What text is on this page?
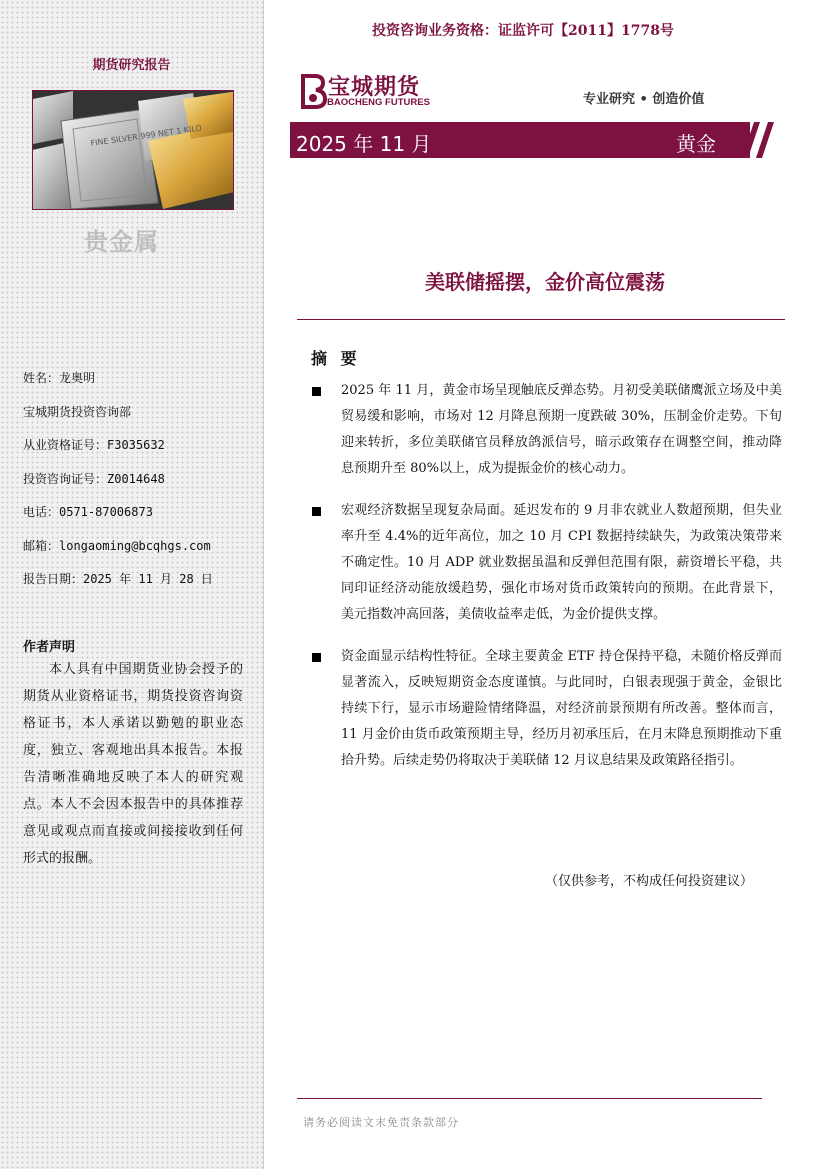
期货研究报告
FINE SILVER 999 NET 1 KILO
贵金属
姓名：龙奥明
宝城期货投资咨询部
从业资格证号：F3035632
投资咨询证号：Z0014648
电话：0571-87006873
邮箱：longaoming@bcqhgs.com
报告日期：2025 年 11 月 28 日
作者声明
本人具有中国期货业协会授予的期货从业资格证书，期货投资咨询资格证书，本人承诺以勤勉的职业态度，独立、客观地出具本报告。本报告清晰准确地反映了本人的研究观点。本人不会因本报告中的具体推荐意见或观点而直接或间接接收到任何形式的报酬。
投资咨询业务资格：证监许可【2011】1778号
宝城期货
BAOCHENG FUTURES	专业研究 • 创造价值
2025 年 11 月	黄金
美联储摇摆，金价高位震荡
摘 要
2025 年 11 月，黄金市场呈现触底反弹态势。月初受美联储鹰派立场及中美贸易缓和影响，市场对 12 月降息预期一度跌破 30%，压制金价走势。下旬迎来转折，多位美联储官员释放鸽派信号，暗示政策存在调整空间，推动降息预期升至 80%以上，成为提振金价的核心动力。
宏观经济数据呈现复杂局面。延迟发布的 9 月非农就业人数超预期，但失业率升至 4.4%的近年高位，加之 10 月 CPI 数据持续缺失，为政策决策带来不确定性。10 月 ADP 就业数据虽温和反弹但范围有限，薪资增长平稳，共同印证经济动能放缓趋势，强化市场对货币政策转向的预期。在此背景下，美元指数冲高回落，美债收益率走低，为金价提供支撑。
资金面显示结构性特征。全球主要黄金 ETF 持仓保持平稳，未随价格反弹而显著流入，反映短期资金态度谨慎。与此同时，白银表现强于黄金，金银比持续下行，显示市场避险情绪降温，对经济前景预期有所改善。整体而言，11 月金价由货币政策预期主导，经历月初承压后，在月末降息预期推动下重拾升势。后续走势仍将取决于美联储 12 月议息结果及政策路径指引。
（仅供参考，不构成任何投资建议）
请务必阅读文末免责条款部分
